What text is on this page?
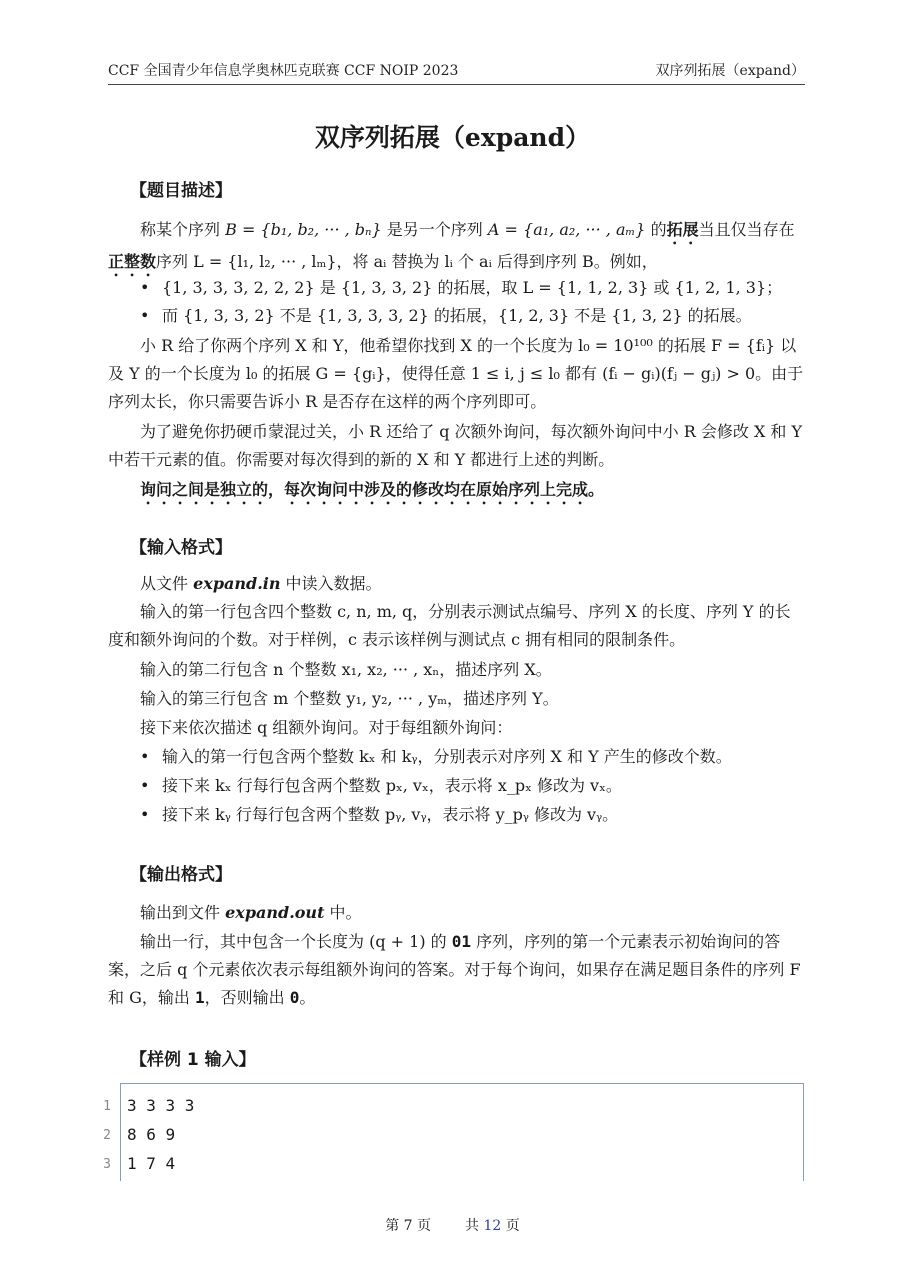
CCF 全国青少年信息学奥林匹克联赛 CCF NOIP 2023	双序列拓展（expand）
双序列拓展（expand）
【题目描述】
称某个序列 B = {b₁, b₂, ··· , bₙ} 是另一个序列 A = {a₁, a₂, ··· , aₘ} 的拓展当且仅当存在正整数序列 L = {l₁, l₂, ··· , lₘ}，将 aᵢ 替换为 lᵢ 个 aᵢ 后得到序列 B。例如，
• {1, 3, 3, 3, 2, 2, 2} 是 {1, 3, 3, 2} 的拓展，取 L = {1, 1, 2, 3} 或 {1, 2, 1, 3}；
• 而 {1, 3, 3, 2} 不是 {1, 3, 3, 3, 2} 的拓展，{1, 2, 3} 不是 {1, 3, 2} 的拓展。
小 R 给了你两个序列 X 和 Y，他希望你找到 X 的一个长度为 l₀ = 10¹⁰⁰ 的拓展 F = {fᵢ} 以及 Y 的一个长度为 l₀ 的拓展 G = {gᵢ}，使得任意 1 ≤ i, j ≤ l₀ 都有 (fᵢ − gᵢ)(fⱼ − gⱼ) > 0。由于序列太长，你只需要告诉小 R 是否存在这样的两个序列即可。
为了避免你扔硬币蒙混过关，小 R 还给了 q 次额外询问，每次额外询问中小 R 会修改 X 和 Y 中若干元素的值。你需要对每次得到的新的 X 和 Y 都进行上述的判断。
询问之间是独立的，每次询问中涉及的修改均在原始序列上完成。
【输入格式】
从文件 expand.in 中读入数据。
输入的第一行包含四个整数 c, n, m, q，分别表示测试点编号、序列 X 的长度、序列 Y 的长度和额外询问的个数。对于样例，c 表示该样例与测试点 c 拥有相同的限制条件。
输入的第二行包含 n 个整数 x₁, x₂, ··· , xₙ，描述序列 X。
输入的第三行包含 m 个整数 y₁, y₂, ··· , yₘ，描述序列 Y。
接下来依次描述 q 组额外询问。对于每组额外询问：
• 输入的第一行包含两个整数 kₓ 和 kᵧ，分别表示对序列 X 和 Y 产生的修改个数。
• 接下来 kₓ 行每行包含两个整数 pₓ, vₓ，表示将 x_pₓ 修改为 vₓ。
• 接下来 kᵧ 行每行包含两个整数 pᵧ, vᵧ，表示将 y_pᵧ 修改为 vᵧ。
【输出格式】
输出到文件 expand.out 中。
输出一行，其中包含一个长度为 (q + 1) 的 01 序列，序列的第一个元素表示初始询问的答案，之后 q 个元素依次表示每组额外询问的答案。对于每个询问，如果存在满足题目条件的序列 F 和 G，输出 1，否则输出 0。
【样例 1 输入】
1 3 3 3 3
2 8 6 9
3 1 7 4
第 7 页 共 12 页
